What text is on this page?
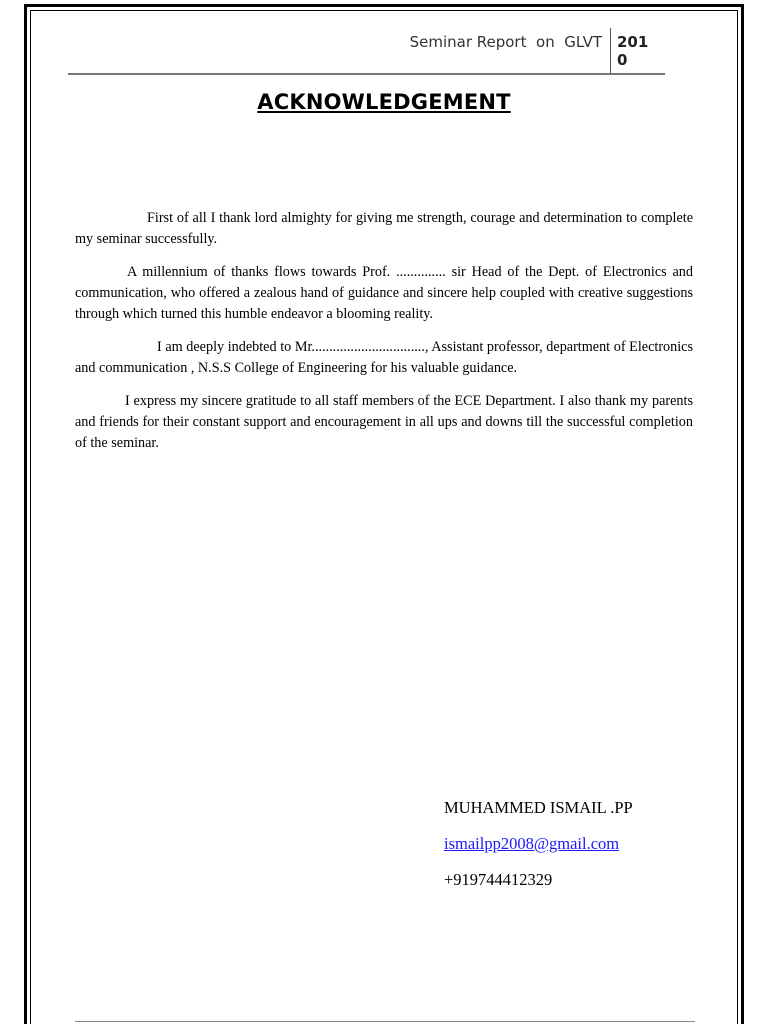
Seminar Report  on  GLVT 2010
ACKNOWLEDGEMENT

First of all I thank lord almighty for giving me strength, courage and determination to complete my seminar successfully.

A millennium of thanks flows towards Prof. .............. sir Head of the Dept. of Electronics and communication, who offered a zealous hand of guidance and sincere help coupled with creative suggestions through which turned this humble endeavor a blooming reality.

I am deeply indebted to Mr................................, Assistant professor, department of Electronics and communication , N.S.S College of Engineering for his valuable guidance.

I express my sincere gratitude to all staff members of the ECE Department. I also thank my parents and friends for their constant support and encouragement in all ups and downs till the successful completion of the seminar.

MUHAMMED ISMAIL .PP
ismailpp2008@gmail.com
+919744412329
